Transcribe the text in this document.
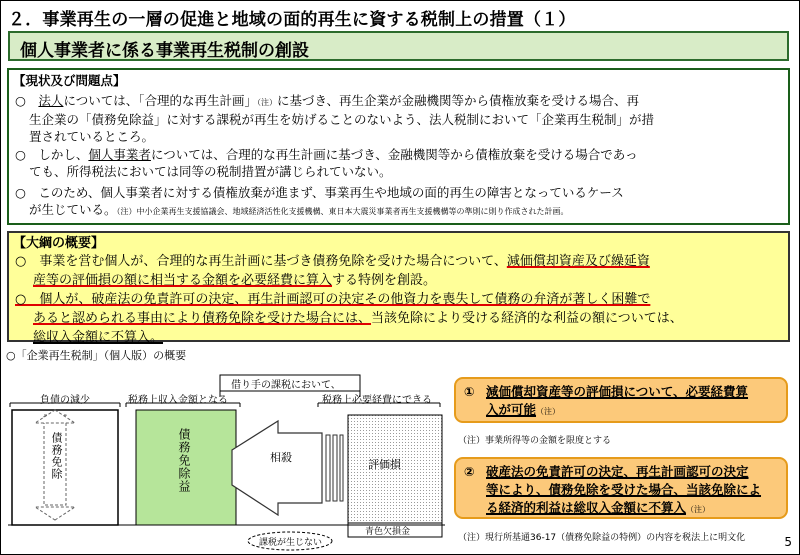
２．事業再生の一層の促進と地域の面的再生に資する税制上の措置（１）
個人事業者に係る事業再生税制の創設
【現状及び問題点】
○　法人については、「合理的な再生計画」（注）に基づき、再生企業が金融機関等から債権放棄を受ける場合、再
生企業の「債務免除益」に対する課税が再生を妨げることのないよう、法人税制において「企業再生税制」が措
置されているところ。
○　しかし、個人事業者については、合理的な再生計画に基づき、金融機関等から債権放棄を受ける場合であっ
ても、所得税法においては同等の税制措置が講じられていない。
○　このため、個人事業者に対する債権放棄が進まず、事業再生や地域の面的再生の障害となっているケース
が生じている。（注）中小企業再生支援協議会、地域経済活性化支援機構、東日本大震災事業者再生支援機構等の準則に則り作成された計画。
【大綱の概要】
○　事業を営む個人が、合理的な再生計画に基づき債務免除を受けた場合について、減価償却資産及び繰延資
産等の評価損の額に相当する金額を必要経費に算入する特例を創設。
○　個人が、破産法の免責許可の決定、再生計画認可の決定その他資力を喪失して債務の弁済が著しく困難で
あると認められる事由により債務免除を受けた場合には、当該免除により受ける経済的な利益の額については、
総収入金額に不算入。
○「企業再生税制」（個人版）の概要
借り手の課税において、
負債の減少	税務上収入金額となる	税務上必要経費にできる
債務免除	債務免除益	相殺
評価損
青色欠損金
課税が生じない
① 減価償却資産等の評価損について、必要経費算
入が可能（注）
（注）事業所得等の金額を限度とする
② 破産法の免責許可の決定、再生計画認可の決定
等により、債務免除を受けた場合、当該免除によ
る経済的利益は総収入金額に不算入（注）
（注）現行所基通36-17（債務免除益の特例）の内容を税法上に明文化	5
